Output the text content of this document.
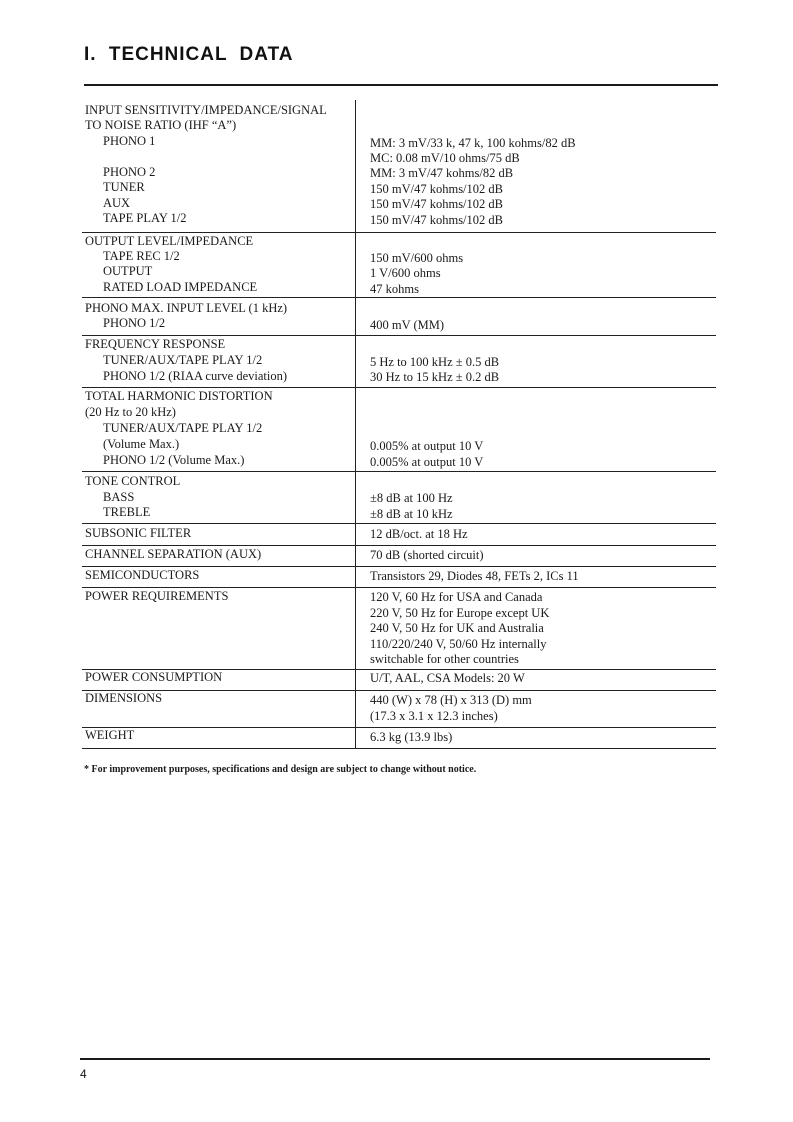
I. TECHNICAL DATA
INPUT SENSITIVITY/IMPEDANCE/SIGNAL
TO NOISE RATIO (IHF “A”)
PHONO 1	MM: 3 mV/33 k, 47 k, 100 kohms/82 dB
MC: 0.08 mV/10 ohms/75 dB
PHONO 2	MM: 3 mV/47 kohms/82 dB
TUNER	150 mV/47 kohms/102 dB
AUX	150 mV/47 kohms/102 dB
TAPE PLAY 1/2	150 mV/47 kohms/102 dB
OUTPUT LEVEL/IMPEDANCE
TAPE REC 1/2	150 mV/600 ohms
OUTPUT	1 V/600 ohms
RATED LOAD IMPEDANCE	47 kohms
PHONO MAX. INPUT LEVEL (1 kHz)
PHONO 1/2	400 mV (MM)
FREQUENCY RESPONSE
TUNER/AUX/TAPE PLAY 1/2	5 Hz to 100 kHz ± 0.5 dB
PHONO 1/2 (RIAA curve deviation)	30 Hz to 15 kHz ± 0.2 dB
TOTAL HARMONIC DISTORTION
(20 Hz to 20 kHz)
TUNER/AUX/TAPE PLAY 1/2
(Volume Max.)	0.005% at output 10 V
PHONO 1/2 (Volume Max.)	0.005% at output 10 V
TONE CONTROL
BASS	±8 dB at 100 Hz
TREBLE	±8 dB at 10 kHz
SUBSONIC FILTER	12 dB/oct. at 18 Hz
CHANNEL SEPARATION (AUX)	70 dB (shorted circuit)
SEMICONDUCTORS	Transistors 29, Diodes 48, FETs 2, ICs 11
POWER REQUIREMENTS	120 V, 60 Hz for USA and Canada
220 V, 50 Hz for Europe except UK
240 V, 50 Hz for UK and Australia
110/220/240 V, 50/60 Hz internally
switchable for other countries
POWER CONSUMPTION	U/T, AAL, CSA Models: 20 W
DIMENSIONS	440 (W) x 78 (H) x 313 (D) mm
(17.3 x 3.1 x 12.3 inches)
WEIGHT	6.3 kg (13.9 lbs)
* For improvement purposes, specifications and design are subject to change without notice.
4
